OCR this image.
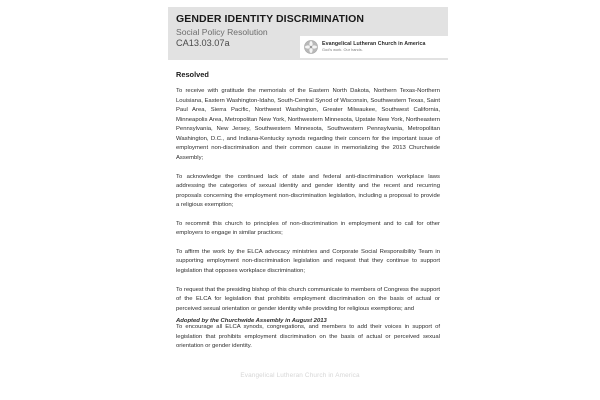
GENDER IDENTITY DISCRIMINATION
Social Policy Resolution
CA13.03.07a	Evangelical Lutheran Church in America
God's work. Our hands.
Resolved

To receive with gratitude the memorials of the Eastern North Dakota, Northern Texas-Northern Louisiana, Eastern Washington-Idaho, South-Central Synod of Wisconsin, Southwestern Texas, Saint Paul Area, Sierra Pacific, Northwest Washington, Greater Milwaukee, Southwest California, Minneapolis Area, Metropolitan New York, Northwestern Minnesota, Upstate New York, Northeastern Pennsylvania, New Jersey, Southwestern Minnesota, Southwestern Pennsylvania, Metropolitan Washington, D.C., and Indiana-Kentucky synods regarding their concern for the important issue of employment non-discrimination and their common cause in memorializing the 2013 Churchwide Assembly;

To acknowledge the continued lack of state and federal anti-discrimination workplace laws addressing the categories of sexual identity and gender identity and the recent and recurring proposals concerning the employment non-discrimination legislation, including a proposal to provide a religious exemption;

To recommit this church to principles of non-discrimination in employment and to call for other employers to engage in similar practices;

To affirm the work by the ELCA advocacy ministries and Corporate Social Responsibility Team in supporting employment non-discrimination legislation and request that they continue to support legislation that opposes workplace discrimination;

To request that the presiding bishop of this church communicate to members of Congress the support of the ELCA for legislation that prohibits employment discrimination on the basis of actual or perceived sexual orientation or gender identity while providing for religious exemptions; and

To encourage all ELCA synods, congregations, and members to add their voices in support of legislation that prohibits employment discrimination on the basis of actual or perceived sexual orientation or gender identity.

Adopted by the Churchwide Assembly in August 2013
Evangelical Lutheran Church in America
